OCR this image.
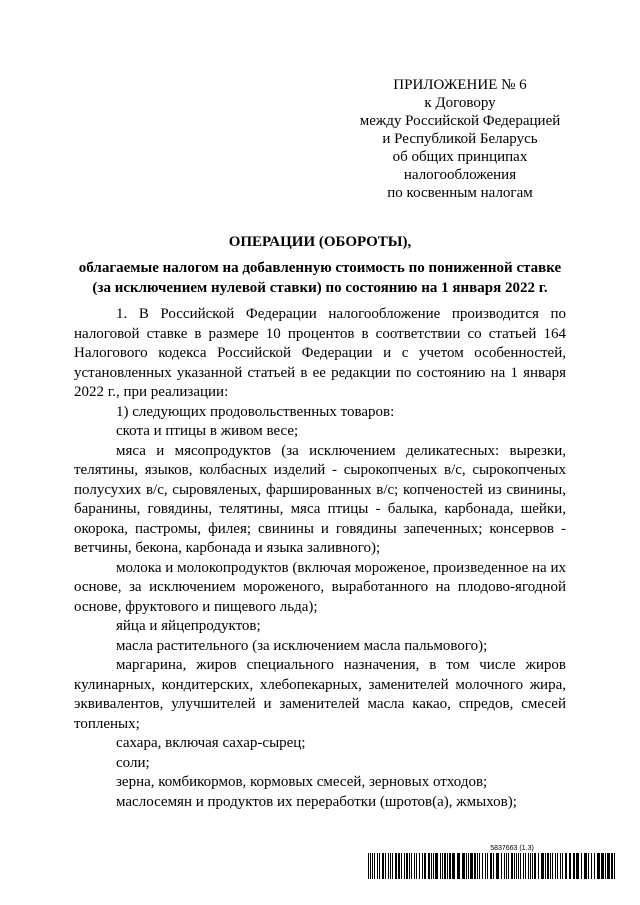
ПРИЛОЖЕНИЕ № 6
к Договору
между Российской Федерацией
и Республикой Беларусь
об общих принципах
налогообложения
по косвенным налогам
ОПЕРАЦИИ (ОБОРОТЫ),
облагаемые налогом на добавленную стоимость по пониженной ставке (за исключением нулевой ставки) по состоянию на 1 января 2022 г.

1. В Российской Федерации налогообложение производится по налоговой ставке в размере 10 процентов в соответствии со статьей 164 Налогового кодекса Российской Федерации и с учетом особенностей, установленных указанной статьей в ее редакции по состоянию на 1 января 2022 г., при реализации:

1) следующих продовольственных товаров:

скота и птицы в живом весе;

мяса и мясопродуктов (за исключением деликатесных: вырезки, телятины, языков, колбасных изделий - сырокопченых в/с, сырокопченых полусухих в/с, сыровяленых, фаршированных в/с; копченостей из свинины, баранины, говядины, телятины, мяса птицы - балыка, карбонада, шейки, окорока, пастромы, филея; свинины и говядины запеченных; консервов - ветчины, бекона, карбонада и языка заливного);

молока и молокопродуктов (включая мороженое, произведенное на их основе, за исключением мороженого, выработанного на плодово-ягодной основе, фруктового и пищевого льда);

яйца и яйцепродуктов;

масла растительного (за исключением масла пальмового);

маргарина, жиров специального назначения, в том числе жиров кулинарных, кондитерских, хлебопекарных, заменителей молочного жира, эквивалентов, улучшителей и заменителей масла какао, спредов, смесей топленых;

сахара, включая сахар-сырец;

соли;

зерна, комбикормов, кормовых смесей, зерновых отходов;

маслосемян и продуктов их переработки (шротов(а), жмыхов);

5837663 (1.3)
